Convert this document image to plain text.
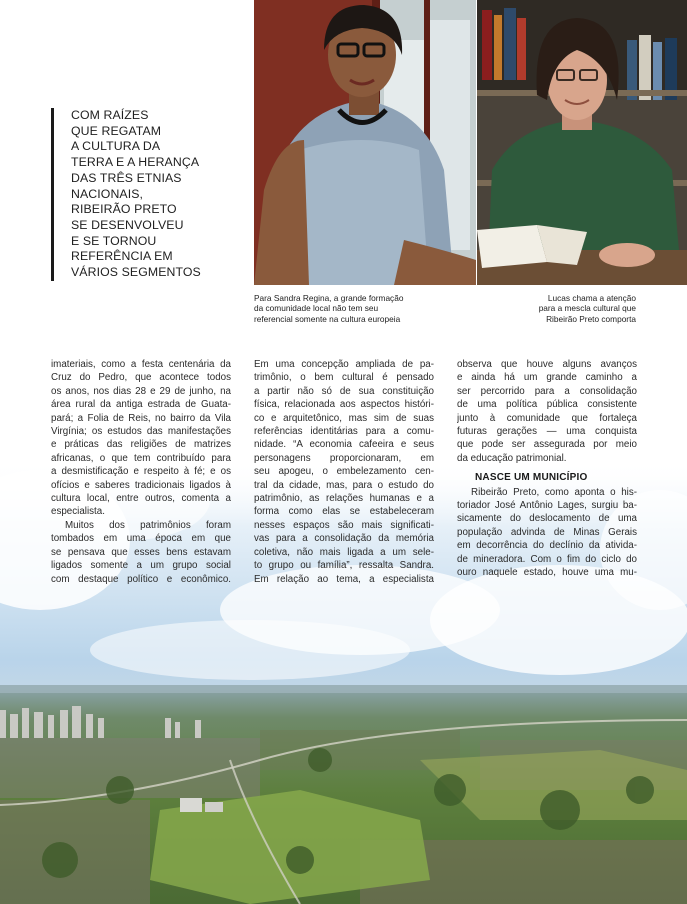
COM RAÍZES
QUE REGATAM
A CULTURA DA
TERRA E A HERANÇA
DAS TRÊS ETNIAS
NACIONAIS,
RIBEIRÃO PRETO
SE DESENVOLVEU
E SE TORNOU
REFERÊNCIA EM
VÁRIOS SEGMENTOS
Para Sandra Regina, a grande formação
da comunidade local não tem seu
referencial somente na cultura europeia
Lucas chama a atenção
para a mescla cultural que
Ribeirão Preto comporta
imateriais, como a festa centenária da
Cruz do Pedro, que acontece todos
os anos, nos dias 28 e 29 de junho, na
área rural da antiga estrada de Guata-
pará; a Folia de Reis, no bairro da Vila
Virgínia; os estudos das manifestações
e práticas das religiões de matrizes
africanas, o que tem contribuído para
a desmistificação e respeito à fé; e os
ofícios e saberes tradicionais ligados à
cultura local, entre outros, comenta a
especialista.
Muitos dos patrimônios foram
tombados em uma época em que
se pensava que esses bens estavam
ligados somente a um grupo social
com destaque político e econômico.
Em uma concepção ampliada de pa-
trimônio, o bem cultural é pensado
a partir não só de sua constituição
física, relacionada aos aspectos históri-
co e arquitetônico, mas sim de suas
referências identitárias para a comu-
nidade. “A economia cafeeira e seus
personagens proporcionaram, em
seu apogeu, o embelezamento cen-
tral da cidade, mas, para o estudo do
patrimônio, as relações humanas e a
forma como elas se estabeleceram
nesses espaços são mais significati-
vas para a consolidação da memória
coletiva, não mais ligada a um sele-
to grupo ou família”, ressalta Sandra.
Em relação ao tema, a especialista
observa que houve alguns avanços
e ainda há um grande caminho a
ser percorrido para a consolidação
de uma política pública consistente
junto à comunidade que fortaleça
futuras gerações — uma conquista
que pode ser assegurada por meio
da educação patrimonial.
NASCE UM MUNICÍPIO
Ribeirão Preto, como aponta o his-
toriador José Antônio Lages, surgiu ba-
sicamente do deslocamento de uma
população advinda de Minas Gerais
em decorrência do declínio da ativida-
de mineradora. Com o fim do ciclo do
ouro naquele estado, houve uma mu-
